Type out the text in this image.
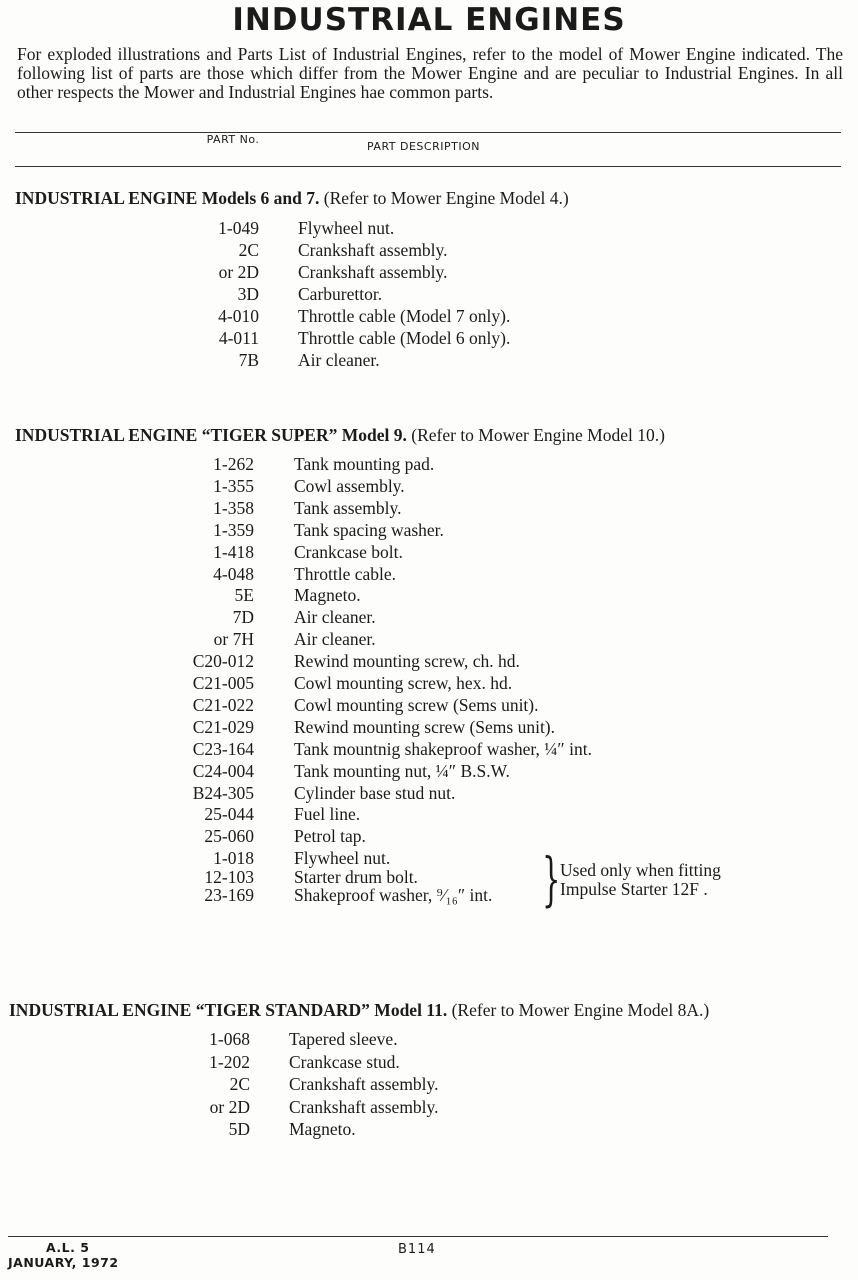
INDUSTRIAL ENGINES
For exploded illustrations and Parts List of Industrial Engines, refer to the model of Mower Engine indicated. The following list of parts are those which differ from the Mower Engine and are peculiar to Industrial Engines. In all other respects the Mower and Industrial Engines hae common parts.
PART No.
PART DESCRIPTION
INDUSTRIAL ENGINE Models 6 and 7. (Refer to Mower Engine Model 4.)
1-049 Flywheel nut.
2C Crankshaft assembly.
or 2D Crankshaft assembly.
3D Carburettor.
4-010 Throttle cable (Model 7 only).
4-011 Throttle cable (Model 6 only).
7B Air cleaner.
INDUSTRIAL ENGINE “TIGER SUPER” Model 9. (Refer to Mower Engine Model 10.)
1-262 Tank mounting pad.
1-355 Cowl assembly.
1-358 Tank assembly.
1-359 Tank spacing washer.
1-418 Crankcase bolt.
4-048 Throttle cable.
5E Magneto.
7D Air cleaner.
or 7H Air cleaner.
C20-012 Rewind mounting screw, ch. hd.
C21-005 Cowl mounting screw, hex. hd.
C21-022 Cowl mounting screw (Sems unit).
C21-029 Rewind mounting screw (Sems unit).
C23-164 Tank mountnig shakeproof washer, ¼″ int.
C24-004 Tank mounting nut, ¼″ B.S.W.
B24-305 Cylinder base stud nut.
25-044 Fuel line.
25-060 Petrol tap.
1-018 Flywheel nut.
12-103 Starter drum bolt.
23-169 Shakeproof washer, ⁹⁄₁₆″ int. } Used only when fitting Impulse Starter 12F .
INDUSTRIAL ENGINE “TIGER STANDARD” Model 11. (Refer to Mower Engine Model 8A.)
1-068 Tapered sleeve.
1-202 Crankcase stud.
2C Crankshaft assembly.
or 2D Crankshaft assembly.
5D Magneto.
A.L. 5
JANUARY, 1972
B114
